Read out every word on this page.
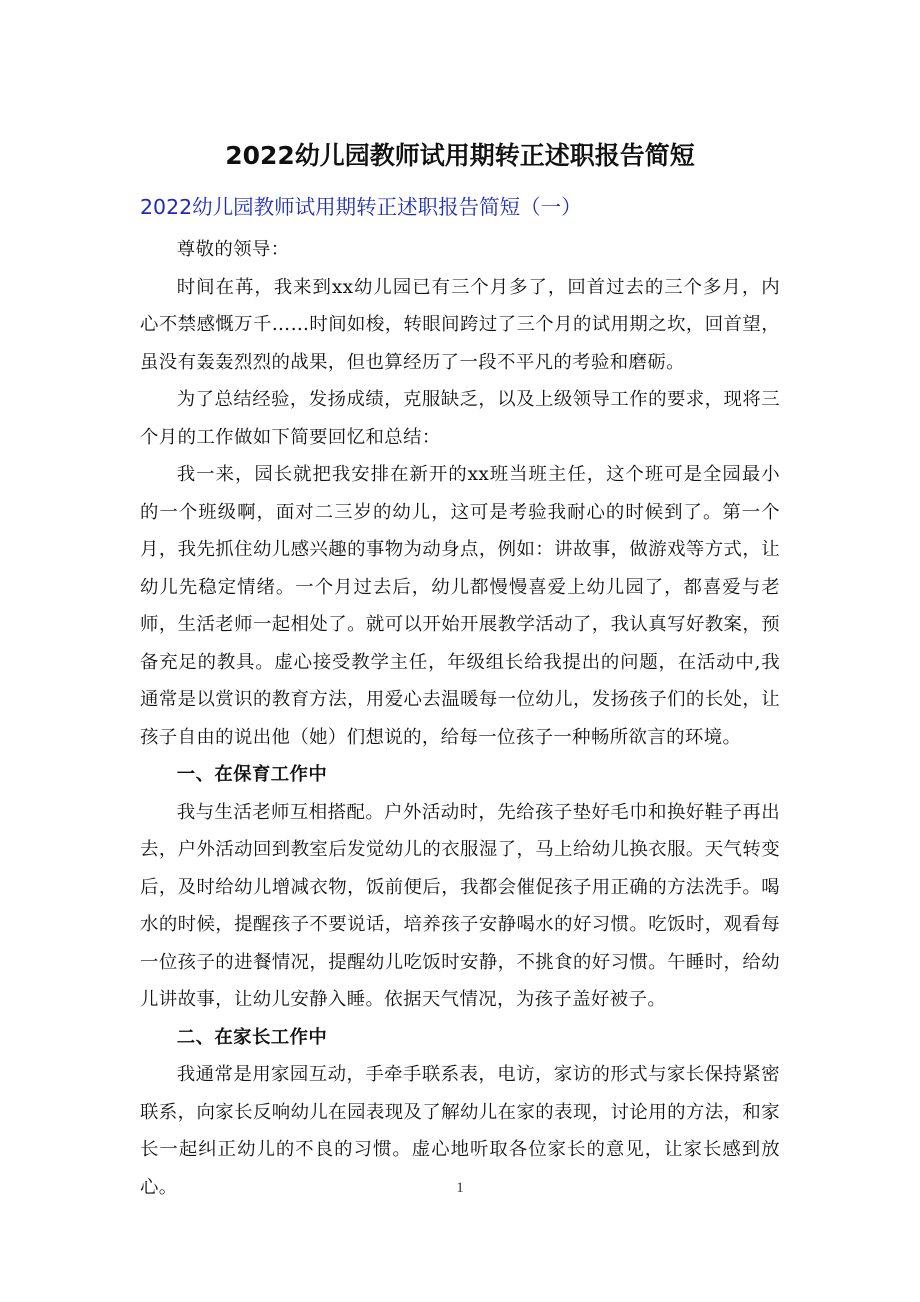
2022幼儿园教师试用期转正述职报告简短
2022幼儿园教师试用期转正述职报告简短（一）

尊敬的领导：

时间在苒，我来到xx幼儿园已有三个月多了，回首过去的三个多月，内心不禁感慨万千……时间如梭，转眼间跨过了三个月的试用期之坎，回首望，虽没有轰轰烈烈的战果，但也算经历了一段不平凡的考验和磨砺。

为了总结经验，发扬成绩，克服缺乏，以及上级领导工作的要求，现将三个月的工作做如下简要回忆和总结：

我一来，园长就把我安排在新开的xx班当班主任，这个班可是全园最小的一个班级啊，面对二三岁的幼儿，这可是考验我耐心的时候到了。第一个月，我先抓住幼儿感兴趣的事物为动身点，例如：讲故事，做游戏等方式，让幼儿先稳定情绪。一个月过去后，幼儿都慢慢喜爱上幼儿园了，都喜爱与老师，生活老师一起相处了。就可以开始开展教学活动了，我认真写好教案，预备充足的教具。虚心接受教学主任，年级组长给我提出的问题，在活动中,我通常是以赏识的教育方法，用爱心去温暖每一位幼儿，发扬孩子们的长处，让孩子自由的说出他（她）们想说的，给每一位孩子一种畅所欲言的环境。

一、在保育工作中

我与生活老师互相搭配。户外活动时，先给孩子垫好毛巾和换好鞋子再出去，户外活动回到教室后发觉幼儿的衣服湿了，马上给幼儿换衣服。天气转变后，及时给幼儿增减衣物，饭前便后，我都会催促孩子用正确的方法洗手。喝水的时候，提醒孩子不要说话，培养孩子安静喝水的好习惯。吃饭时，观看每一位孩子的进餐情况，提醒幼儿吃饭时安静，不挑食的好习惯。午睡时，给幼儿讲故事，让幼儿安静入睡。依据天气情况，为孩子盖好被子。

二、在家长工作中

我通常是用家园互动，手牵手联系表，电访，家访的形式与家长保持紧密联系，向家长反响幼儿在园表现及了解幼儿在家的表现，讨论用的方法，和家长一起纠正幼儿的不良的习惯。虚心地听取各位家长的意见，让家长感到放心。	1
